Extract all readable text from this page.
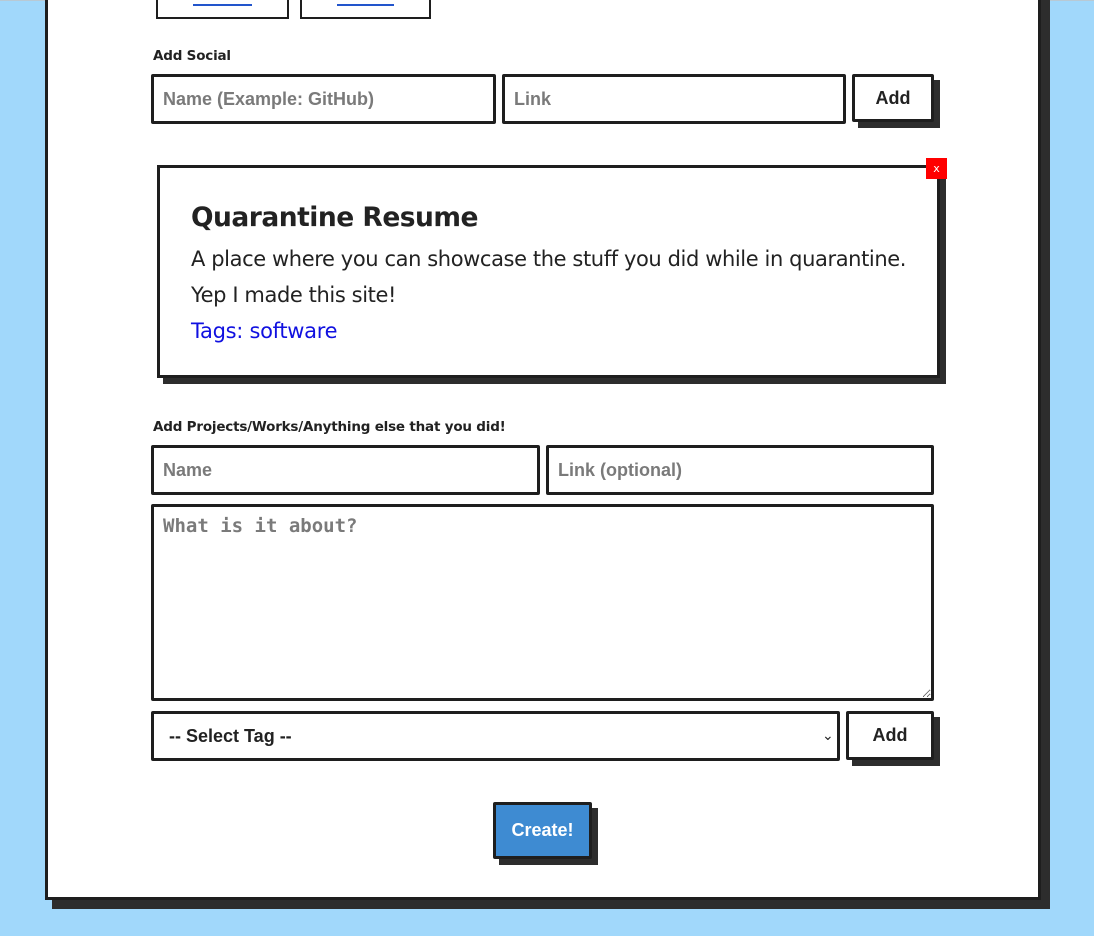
Add Social
Name (Example: GitHub)
Link
Add
Quarantine Resume

A place where you can showcase the stuff you did while in quarantine. Yep I made this site!

Tags: software

x
Add Projects/Works/Anything else that you did!
Name
Link (optional)
What is it about?
-- Select Tag --
⌄	Add
Create!
